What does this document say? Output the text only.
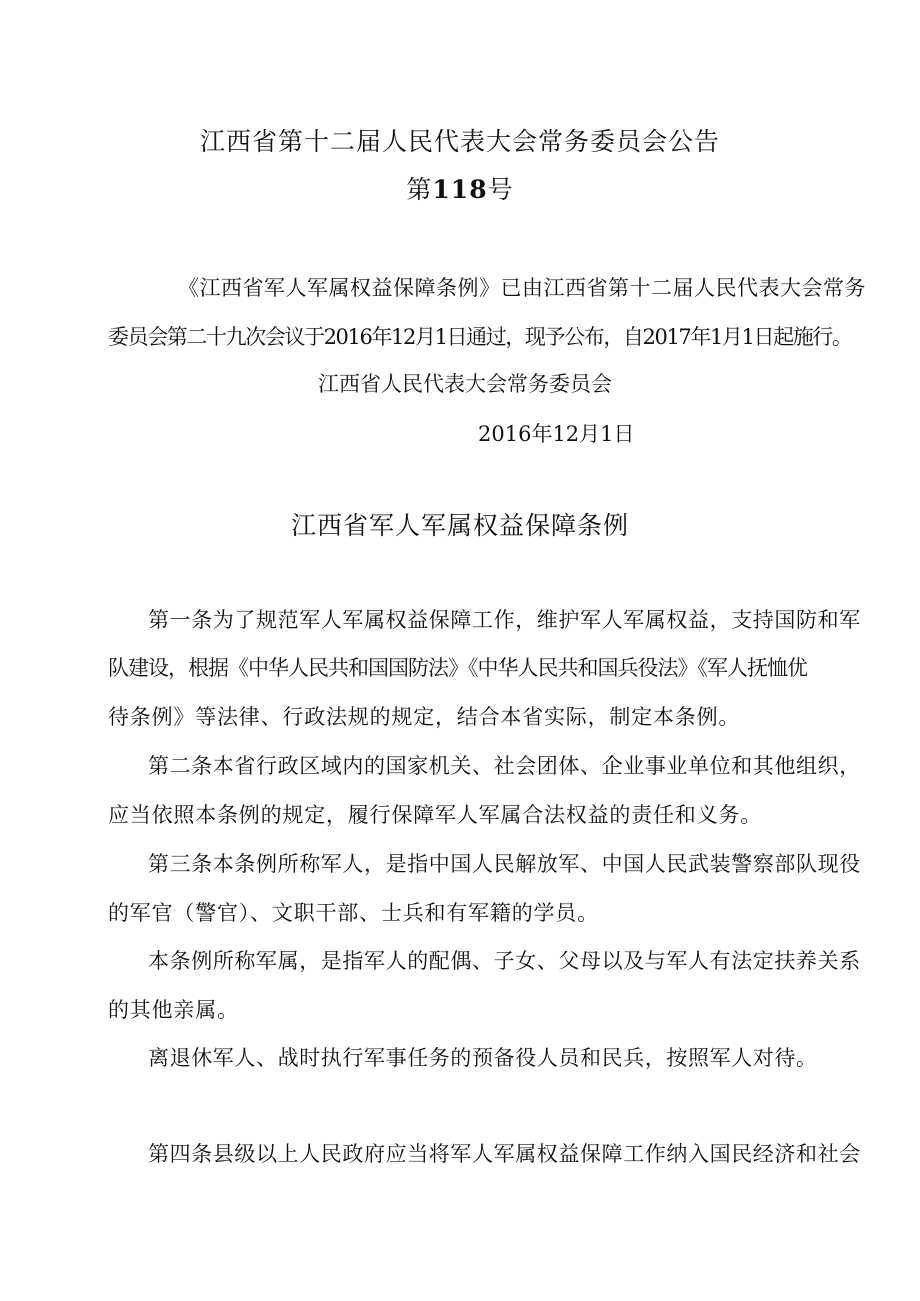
江西省第十二届人民代表大会常务委员会公告
第118号
《江西省军人军属权益保障条例》已由江西省第十二届人民代表大会常务
委员会第二十九次会议于2016年12月1日通过，现予公布，自2017年1月1日起施行。
江西省人民代表大会常务委员会
2016年12月1日
江西省军人军属权益保障条例
第一条为了规范军人军属权益保障工作，维护军人军属权益，支持国防和军
队建设，根据《中华人民共和国国防法》《中华人民共和国兵役法》《军人抚恤优
待条例》等法律、行政法规的规定，结合本省实际，制定本条例。
第二条本省行政区域内的国家机关、社会团体、企业事业单位和其他组织，
应当依照本条例的规定，履行保障军人军属合法权益的责任和义务。
第三条本条例所称军人，是指中国人民解放军、中国人民武装警察部队现役
的军官（警官）、文职干部、士兵和有军籍的学员。
本条例所称军属，是指军人的配偶、子女、父母以及与军人有法定扶养关系
的其他亲属。
离退休军人、战时执行军事任务的预备役人员和民兵，按照军人对待。
第四条县级以上人民政府应当将军人军属权益保障工作纳入国民经济和社会
